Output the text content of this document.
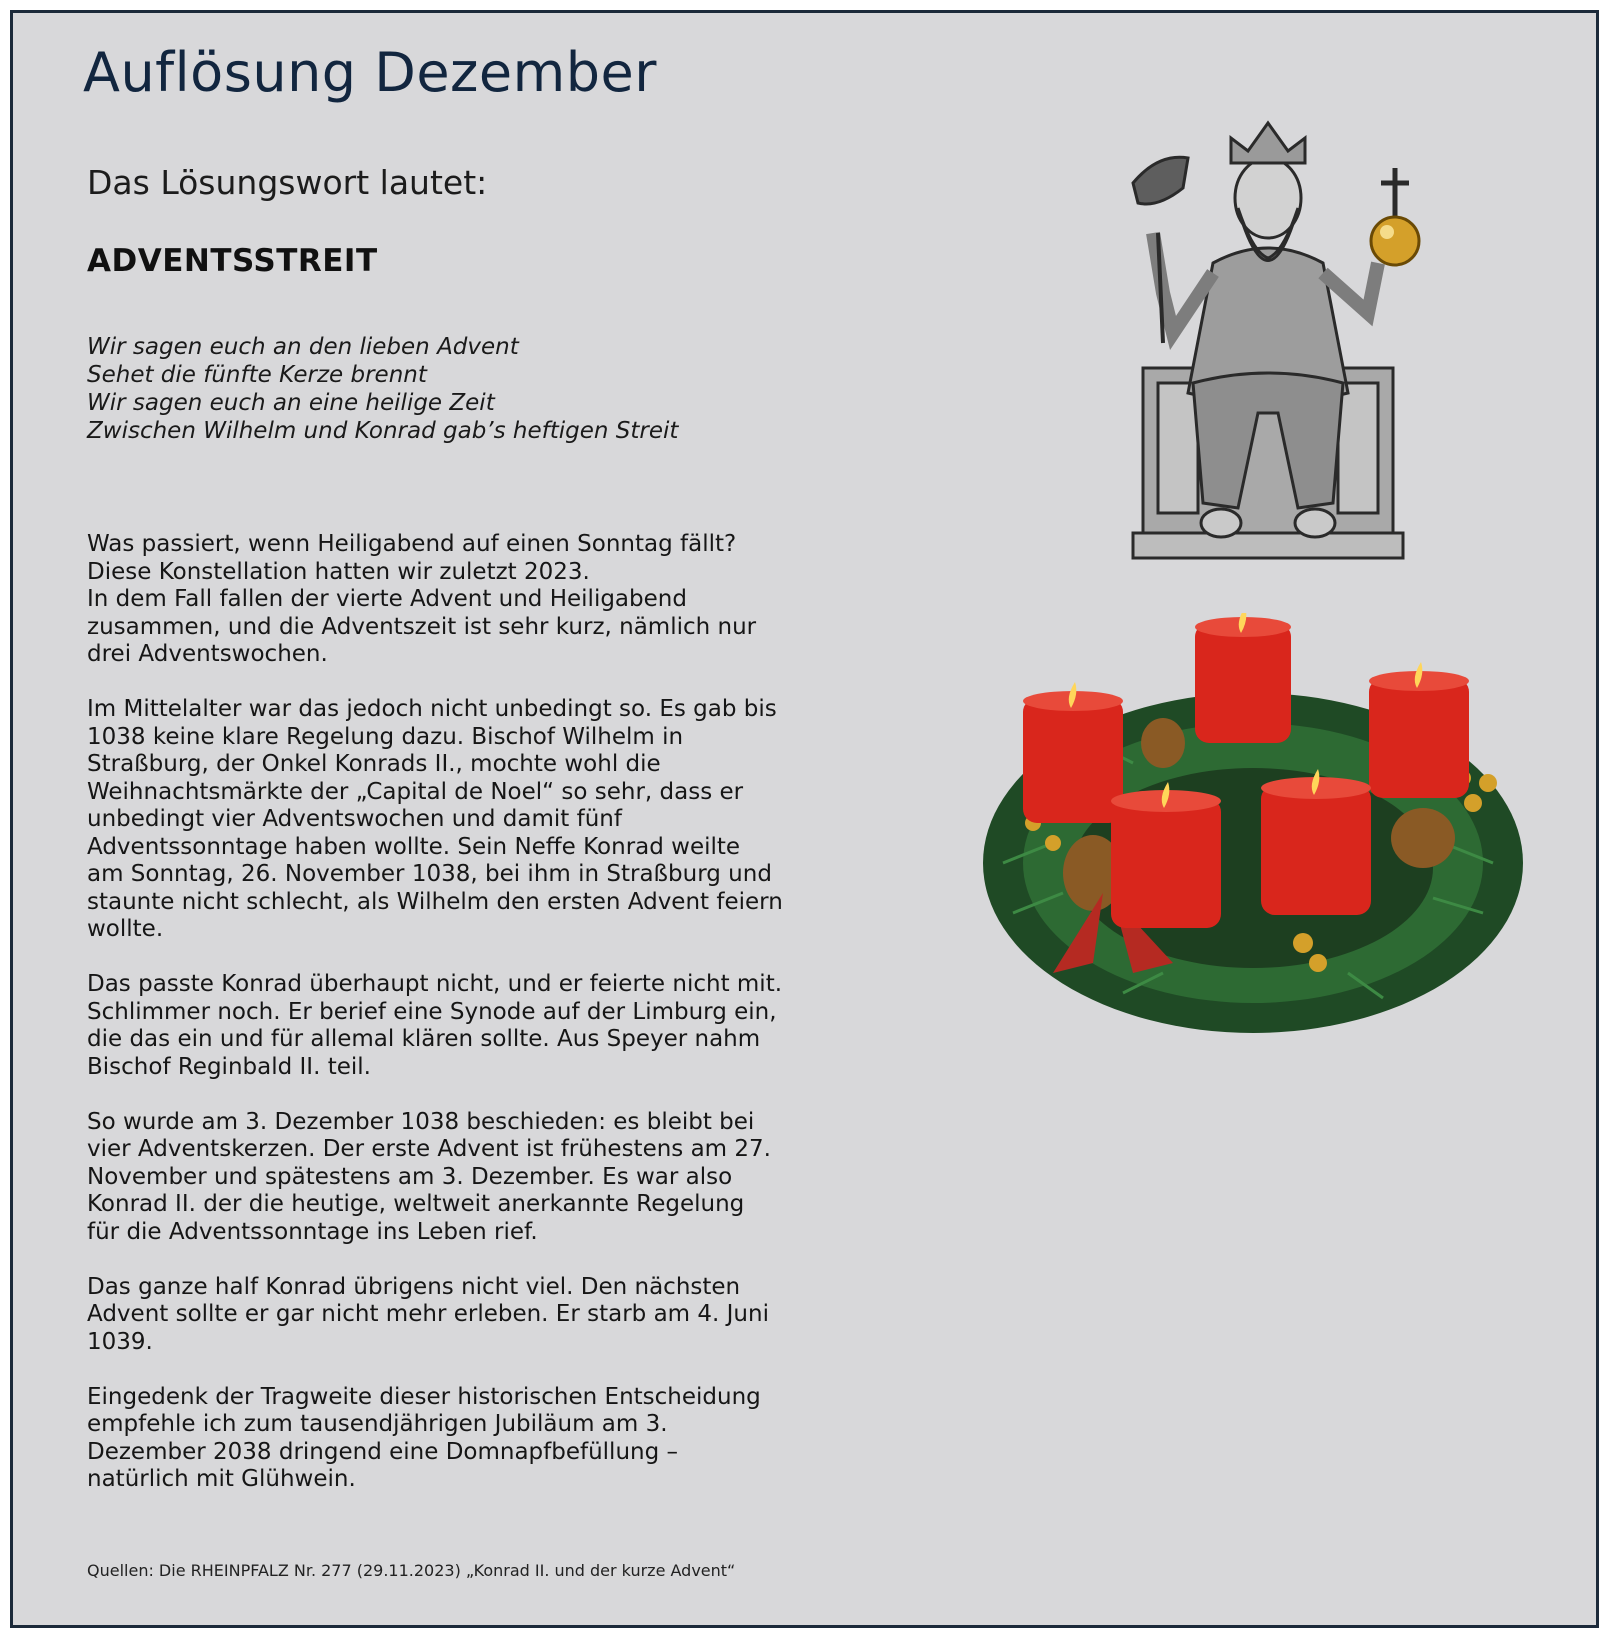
Auflösung Dezember
Das Lösungswort lautet:
ADVENTSSTREIT
Wir sagen euch an den lieben Advent
Sehet die fünfte Kerze brennt
Wir sagen euch an eine heilige Zeit
Zwischen Wilhelm und Konrad gab’s heftigen Streit

Was passiert, wenn Heiligabend auf einen Sonntag fällt?
Diese Konstellation hatten wir zuletzt 2023.
In dem Fall fallen der vierte Advent und Heiligabend
zusammen, und die Adventszeit ist sehr kurz, nämlich nur
drei Adventswochen.

Im Mittelalter war das jedoch nicht unbedingt so. Es gab bis
1038 keine klare Regelung dazu. Bischof Wilhelm in
Straßburg, der Onkel Konrads II., mochte wohl die
Weihnachtsmärkte der „Capital de Noel“ so sehr, dass er
unbedingt vier Adventswochen und damit fünf
Adventssonntage haben wollte. Sein Neffe Konrad weilte
am Sonntag, 26. November 1038, bei ihm in Straßburg und
staunte nicht schlecht, als Wilhelm den ersten Advent feiern
wollte.

Das passte Konrad überhaupt nicht, und er feierte nicht mit.
Schlimmer noch. Er berief eine Synode auf der Limburg ein,
die das ein und für allemal klären sollte. Aus Speyer nahm
Bischof Reginbald II. teil.

So wurde am 3. Dezember 1038 beschieden: es bleibt bei
vier Adventskerzen. Der erste Advent ist frühestens am 27.
November und spätestens am 3. Dezember. Es war also
Konrad II. der die heutige, weltweit anerkannte Regelung
für die Adventssonntage ins Leben rief.

Das ganze half Konrad übrigens nicht viel. Den nächsten
Advent sollte er gar nicht mehr erleben. Er starb am 4. Juni
1039.

Eingedenk der Tragweite dieser historischen Entscheidung
empfehle ich zum tausendjährigen Jubiläum am 3.
Dezember 2038 dringend eine Domnapfbefüllung –
natürlich mit Glühwein.

Quellen: Die RHEINPFALZ Nr. 277 (29.11.2023) „Konrad II. und der kurze Advent“
